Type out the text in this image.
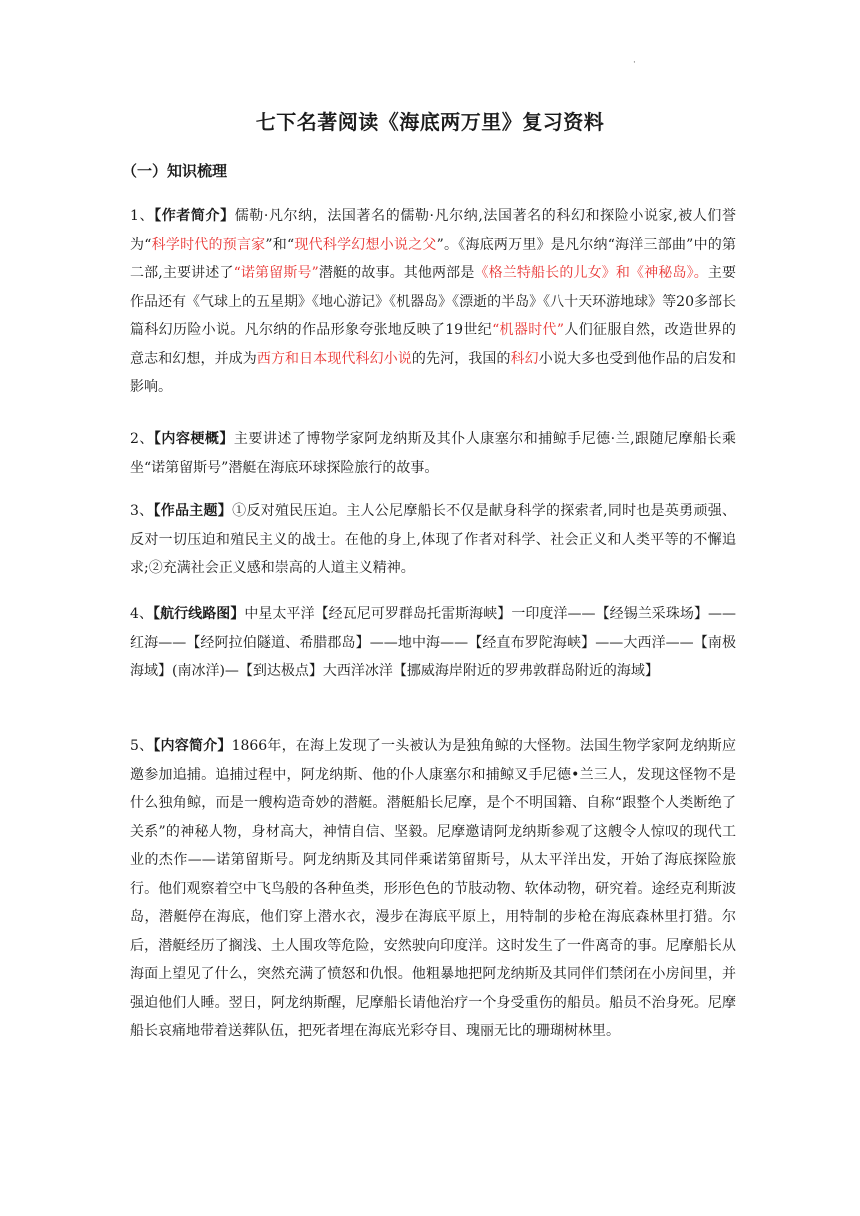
·
七下名著阅读《海底两万里》复习资料
（一）知识梳理
1、【作者简介】儒勒·凡尔纳，法国著名的儒勒·凡尔纳,法国著名的科幻和探险小说家,被人们誉为“科学时代的预言家”和“现代科学幻想小说之父”。《海底两万里》是凡尔纳“海洋三部曲”中的第二部,主要讲述了“诺第留斯号”潜艇的故事。其他两部是《格兰特船长的儿女》和《神秘岛》。主要作品还有《气球上的五星期》《地心游记》《机器岛》《漂逝的半岛》《八十天环游地球》等20多部长篇科幻历险小说。凡尔纳的作品形象夸张地反映了19世纪“机器时代”人们征服自然，改造世界的意志和幻想，并成为西方和日本现代科幻小说的先河，我国的科幻小说大多也受到他作品的启发和影响。
2、【内容梗概】主要讲述了博物学家阿龙纳斯及其仆人康塞尔和捕鲸手尼德·兰,跟随尼摩船长乘坐“诺第留斯号”潜艇在海底环球探险旅行的故事。
3、【作品主题】①反对殖民压迫。主人公尼摩船长不仅是献身科学的探索者,同时也是英勇顽强、反对一切压迫和殖民主义的战士。在他的身上,体现了作者对科学、社会正义和人类平等的不懈追求;②充满社会正义感和崇高的人道主义精神。
4、【航行线路图】中星太平洋【经瓦尼可罗群岛托雷斯海峡】一印度洋——【经锡兰采珠场】——红海——【经阿拉伯隧道、希腊郡岛】——地中海——【经直布罗陀海峡】——大西洋——【南极海域】(南冰洋)—【到达极点】大西洋冰洋【挪威海岸附近的罗弗敦群岛附近的海域】
5、【内容简介】1866年，在海上发现了一头被认为是独角鲸的大怪物。法国生物学家阿龙纳斯应邀参加追捕。追捕过程中，阿龙纳斯、他的仆人康塞尔和捕鲸叉手尼德•兰三人，发现这怪物不是什么独角鲸，而是一艘构造奇妙的潜艇。潜艇船长尼摩，是个不明国籍、自称“跟整个人类断绝了关系”的神秘人物，身材高大，神情自信、坚毅。尼摩邀请阿龙纳斯参观了这艘令人惊叹的现代工业的杰作——诺第留斯号。阿龙纳斯及其同伴乘诺第留斯号，从太平洋出发，开始了海底探险旅行。他们观察着空中飞鸟般的各种鱼类，形形色色的节肢动物、软体动物，研究着。途经克利斯波岛，潜艇停在海底，他们穿上潜水衣，漫步在海底平原上，用特制的步枪在海底森林里打猎。尔后，潜艇经历了搁浅、土人围攻等危险，安然驶向印度洋。这时发生了一件离奇的事。尼摩船长从海面上望见了什么，突然充满了愤怒和仇恨。他粗暴地把阿龙纳斯及其同伴们禁闭在小房间里，并强迫他们人睡。翌日，阿龙纳斯醒，尼摩船长请他治疗一个身受重伤的船员。船员不治身死。尼摩船长哀痛地带着送葬队伍，把死者埋在海底光彩夺目、瑰丽无比的珊瑚树林里。
